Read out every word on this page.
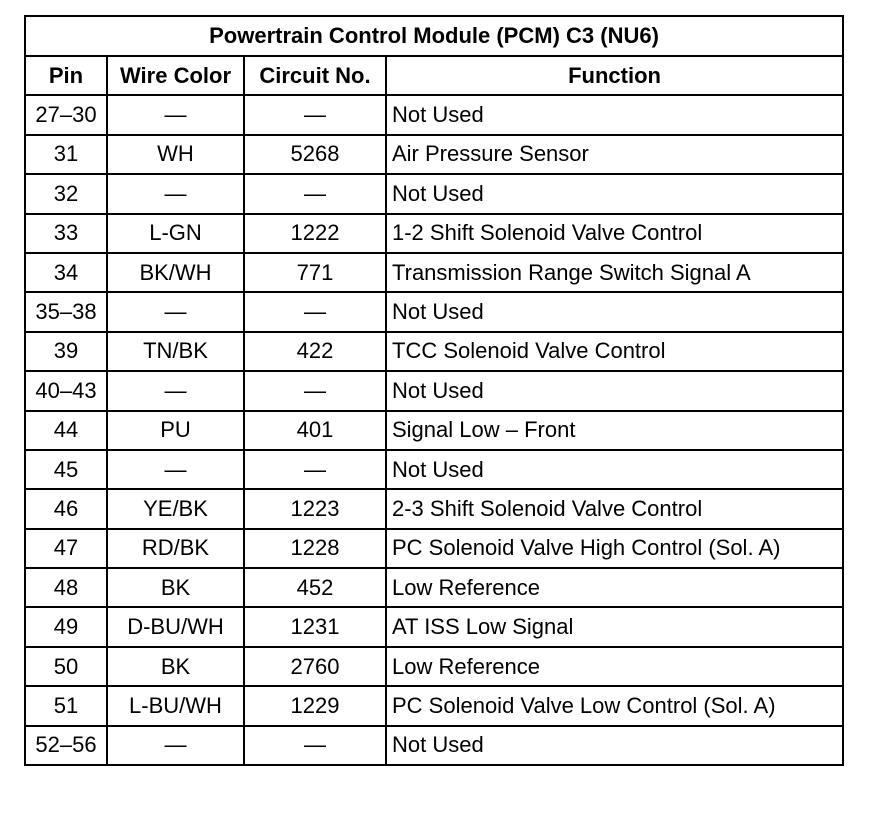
Powertrain Control Module (PCM) C3 (NU6)			
Pin	Wire Color	Circuit No.	Function
27–30	—	—	Not Used
31	WH	5268	Air Pressure Sensor
32	—	—	Not Used
33	L-GN	1222	1-2 Shift Solenoid Valve Control
34	BK/WH	771	Transmission Range Switch Signal A
35–38	—	—	Not Used
39	TN/BK	422	TCC Solenoid Valve Control
40–43	—	—	Not Used
44	PU	401	Signal Low – Front
45	—	—	Not Used
46	YE/BK	1223	2-3 Shift Solenoid Valve Control
47	RD/BK	1228	PC Solenoid Valve High Control (Sol. A)
48	BK	452	Low Reference
49	D-BU/WH	1231	AT ISS Low Signal
50	BK	2760	Low Reference
51	L-BU/WH	1229	PC Solenoid Valve Low Control (Sol. A)
52–56	—	—	Not Used
